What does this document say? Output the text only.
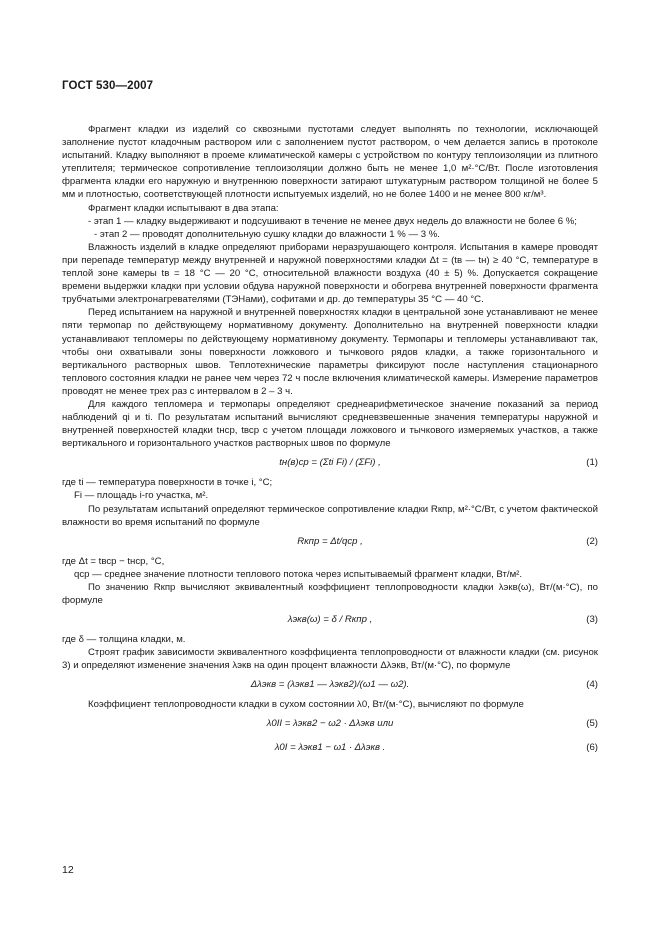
ГОСТ 530—2007

Фрагмент кладки из изделий со сквозными пустотами следует выполнять по технологии, исключающей заполнение пустот кладочным раствором или с заполнением пустот раствором, о чем делается запись в протоколе испытаний. Кладку выполняют в проеме климатической камеры с устройством по контуру теплоизоляции из плитного утеплителя; термическое сопротивление теплоизоляции должно быть не менее 1,0 м²·°С/Вт. После изготовления фрагмента кладки его наружную и внутреннюю поверхности затирают штукатурным раствором толщиной не более 5 мм и плотностью, соответствующей плотности испытуемых изделий, но не более 1400 и не менее 800 кг/м³.

Фрагмент кладки испытывают в два этапа:

- этап 1 — кладку выдерживают и подсушивают в течение не менее двух недель до влажности не более 6 %;

- этап 2 — проводят дополнительную сушку кладки до влажности 1 % — 3 %.

Влажность изделий в кладке определяют приборами неразрушающего контроля. Испытания в камере проводят при перепаде температур между внутренней и наружной поверхностями кладки Δt = (tв — tн) ≥ 40 °С, температуре в теплой зоне камеры tв = 18 °С — 20 °С, относительной влажности воздуха (40 ± 5) %. Допускается сокращение времени выдержки кладки при условии обдува наружной поверхности и обогрева внутренней поверхности фрагмента трубчатыми электронагревателями (ТЭНами), софитами и др. до температуры 35 °С — 40 °С.

Перед испытанием на наружной и внутренней поверхностях кладки в центральной зоне устанавливают не менее пяти термопар по действующему нормативному документу. Дополнительно на внутренней поверхности кладки устанавливают тепломеры по действующему нормативному документу. Термопары и тепломеры устанавливают так, чтобы они охватывали зоны поверхности ложкового и тычкового рядов кладки, а также горизонтального и вертикального растворных швов. Теплотехнические параметры фиксируют после наступления стационарного теплового состояния кладки не ранее чем через 72 ч после включения климатической камеры. Измерение параметров проводят не менее трех раз с интервалом в 2 – 3 ч.

Для каждого тепломера и термопары определяют среднеарифметическое значение показаний за период наблюдений qi и ti. По результатам испытаний вычисляют средневзвешенные значения температуры наружной и внутренней поверхностей кладки tнср, tвср с учетом площади ложкового и тычкового измеряемых участков, а также вертикального и горизонтального участков растворных швов по формуле

tн(в)ср = (Σti Fi) / (ΣFi) ,	(1)

где ti — температура поверхности в точке i, °С;

Fi — площадь i-го участка, м².

По результатам испытаний определяют термическое сопротивление кладки Rкпр, м²·°С/Вт, с учетом фактической влажности во время испытаний по формуле

Rкпр = Δt/qср ,	(2)

где Δt = tвср − tнср, °С,

qср — среднее значение плотности теплового потока через испытываемый фрагмент кладки, Вт/м².

По значению Rкпр вычисляют эквивалентный коэффициент теплопроводности кладки λэкв(ω), Вт/(м·°С), по формуле

λэкв(ω) = δ / Rкпр ,	(3)

где δ — толщина кладки, м.

Строят график зависимости эквивалентного коэффициента теплопроводности от влажности кладки (см. рисунок 3) и определяют изменение значения λэкв на один процент влажности Δλэкв, Вт/(м·°С), по формуле

Δλэкв = (λэкв1 — λэкв2)/(ω1 — ω2).	(4)

Коэффициент теплопроводности кладки в сухом состоянии λ0, Вт/(м·°С), вычисляют по формуле

λ0II = λэкв2 − ω2 · Δλэкв или	(5)
λ0I = λэкв1 − ω1 · Δλэкв .	(6)
12
